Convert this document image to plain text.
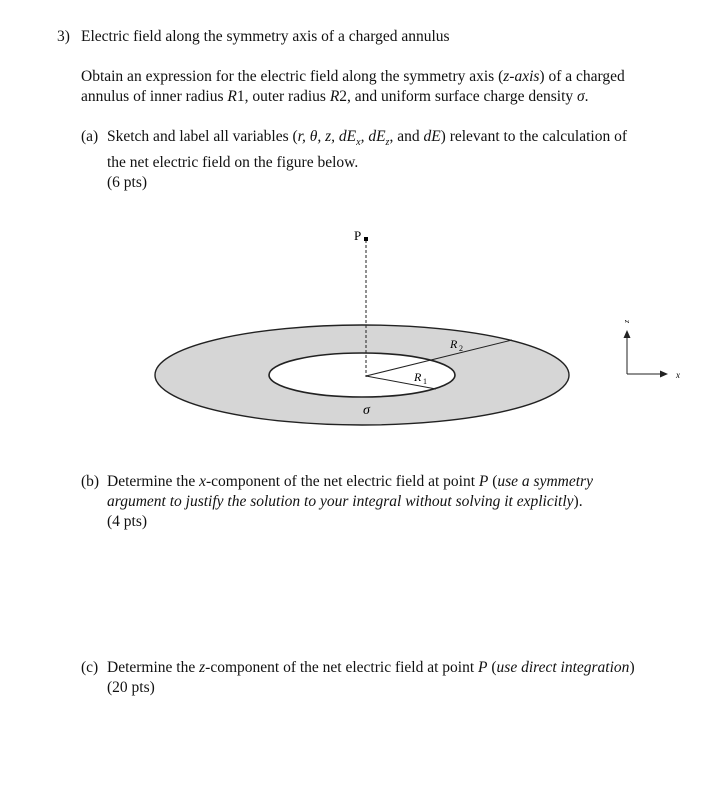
3) Electric field along the symmetry axis of a charged annulus
Obtain an expression for the electric field along the symmetry axis (z-axis) of a charged
annulus of inner radius R1, outer radius R2, and uniform surface charge density σ.
(a) Sketch and label all variables (r, θ, z, $dE_x$, $dE_z$, and dE) relevant to the calculation of
the net electric field on the figure below.
(6 pts)
P
R 1
R 2
σ
z
x
(b) Determine the x-component of the net electric field at point P (use a symmetry
argument to justify the solution to your integral without solving it explicitly).
(4 pts)
(c) Determine the z-component of the net electric field at point P (use direct integration)
(20 pts)
